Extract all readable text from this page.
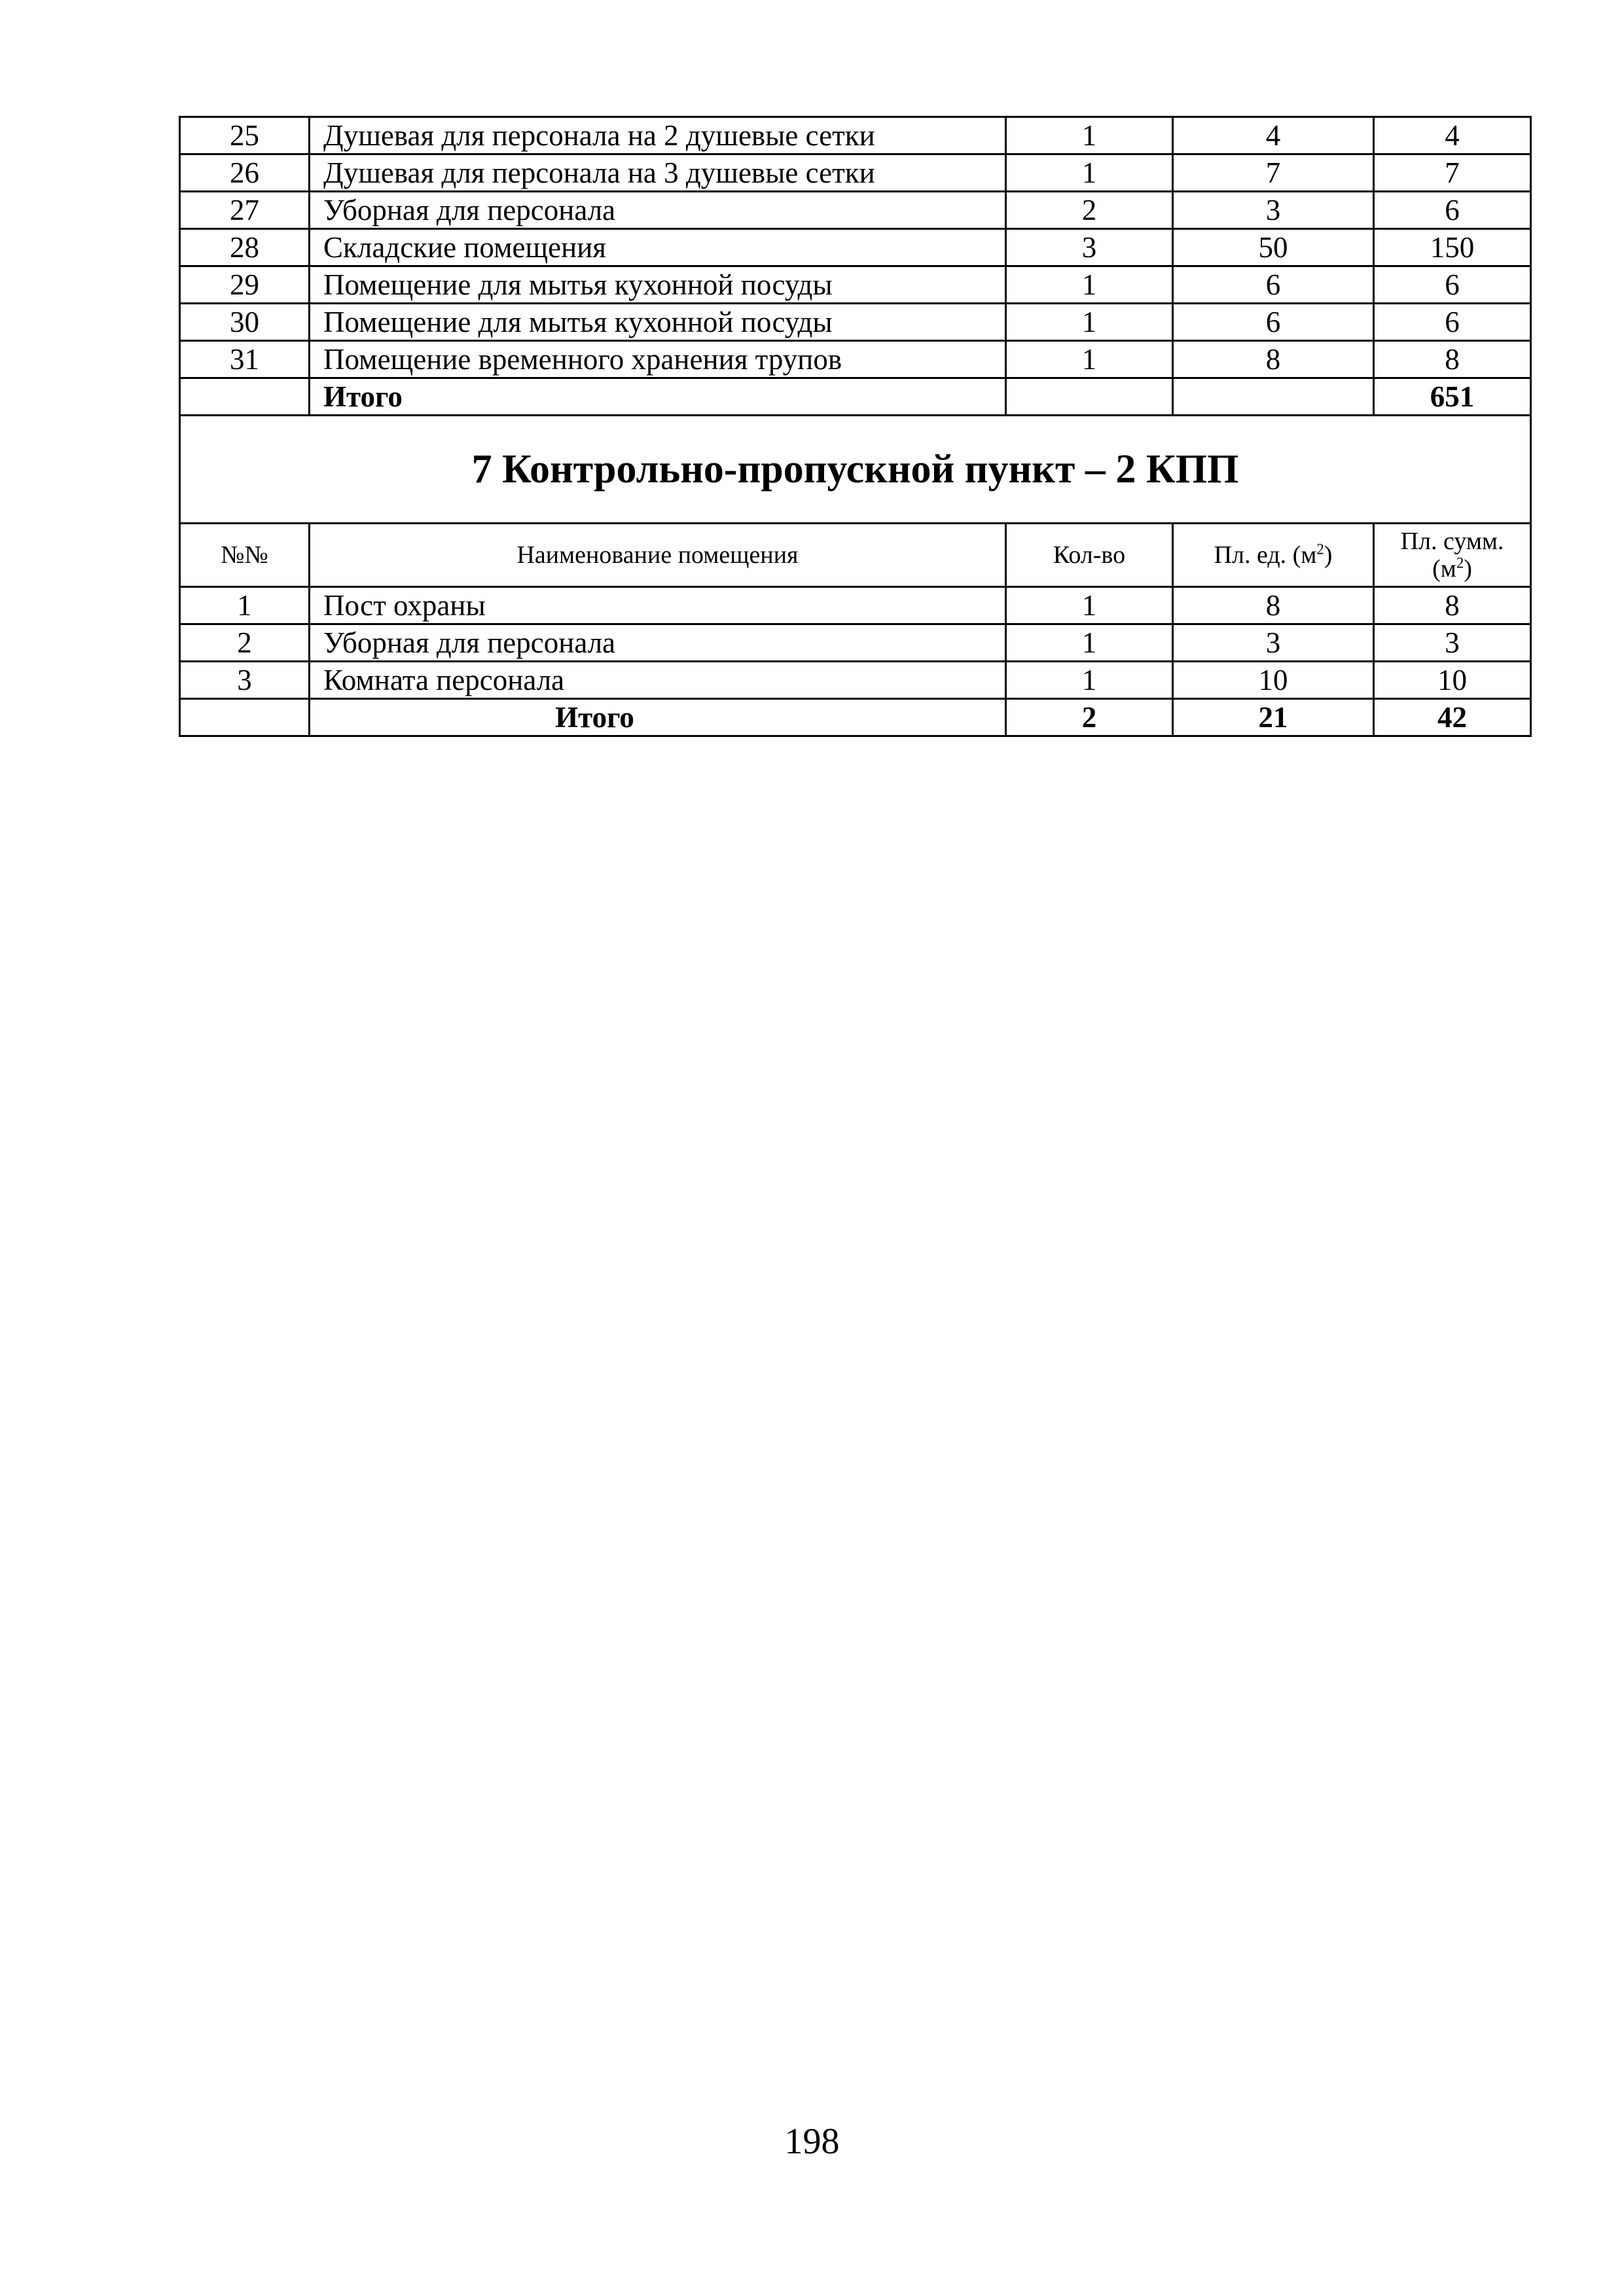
25	Душевая для персонала на 2 душевые сетки	1	4	4
26	Душевая для персонала на 3 душевые сетки	1	7	7
27	Уборная для персонала	2	3	6
28	Складские помещения	3	50	150
29	Помещение для мытья кухонной посуды	1	6	6
30	Помещение для мытья кухонной посуды	1	6	6
31	Помещение временного хранения трупов	1	8	8
	Итого			651
7 Контрольно-пропускной пункт – 2 КПП				
№№	Наименование помещения	Кол-во	Пл. ед. $(м^2)$	Пл. сумм.
$(м^2)$
1	Пост охраны	1	8	8
2	Уборная для персонала	1	3	3
3	Комната персонала	1	10	10
	Итого	2	21	42
198
